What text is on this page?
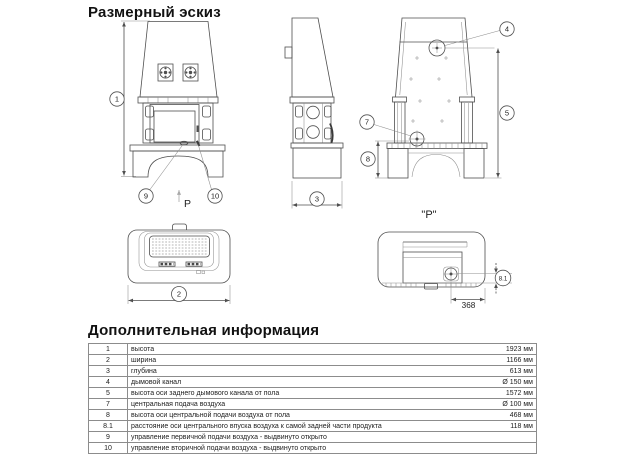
Размерный эскиз
P
"P"
368
1
9	10	3
4
5
7
8
8.1
2
Дополнительная информация
1	высота	1923 мм
2	ширина	1166 мм
3	глубина	613 мм
4	дымовой канал	Ø 150 мм
5	высота оси заднего дымового канала от пола	1572 мм
7	центральная подача воздуха	Ø 100 мм
8	высота оси центральной подачи воздуха от пола	468 мм
8.1	расстояние оси центрального впуска воздуха к самой задней части продукта	118 мм
9	управление первичной подачи воздуха - выдвинуто открыто	
10	управление вторичной подачи воздуха - выдвинуто открыто	
